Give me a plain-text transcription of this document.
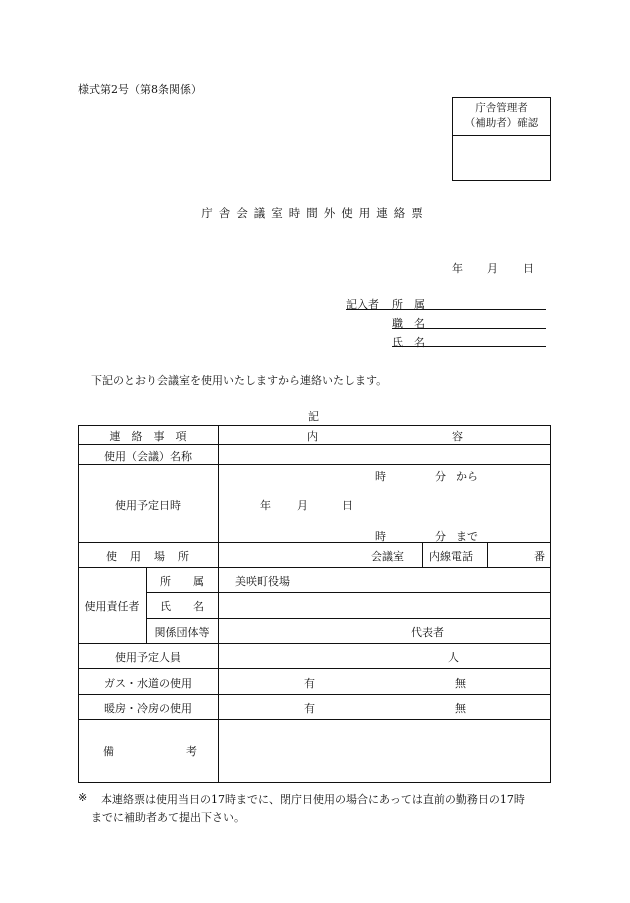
様式第2号（第8条関係）
庁舎管理者
（補助者）確認
庁舎会議室時間外使用連絡票
年 月 日
記入者 所　属
職　名
氏　名
下記のとおり会議室を使用いたしますから連絡いたします。
記
連　絡　事　項	内	容
使用（会議）名称
使用予定日時
時	分 から
年 月	日
時	分 まで
使　用　場　所	会議室 内線電話	番
使用責任者
所　　属	美咲町役場
氏　　名
関係団体等	代表者
使用予定人員	人
ガス・水道の使用	有	無
暖房・冷房の使用	有	無
備	考
※ 本連絡票は使用当日の17時までに、閉庁日使用の場合にあっては直前の勤務日の17時
までに補助者あて提出下さい。
